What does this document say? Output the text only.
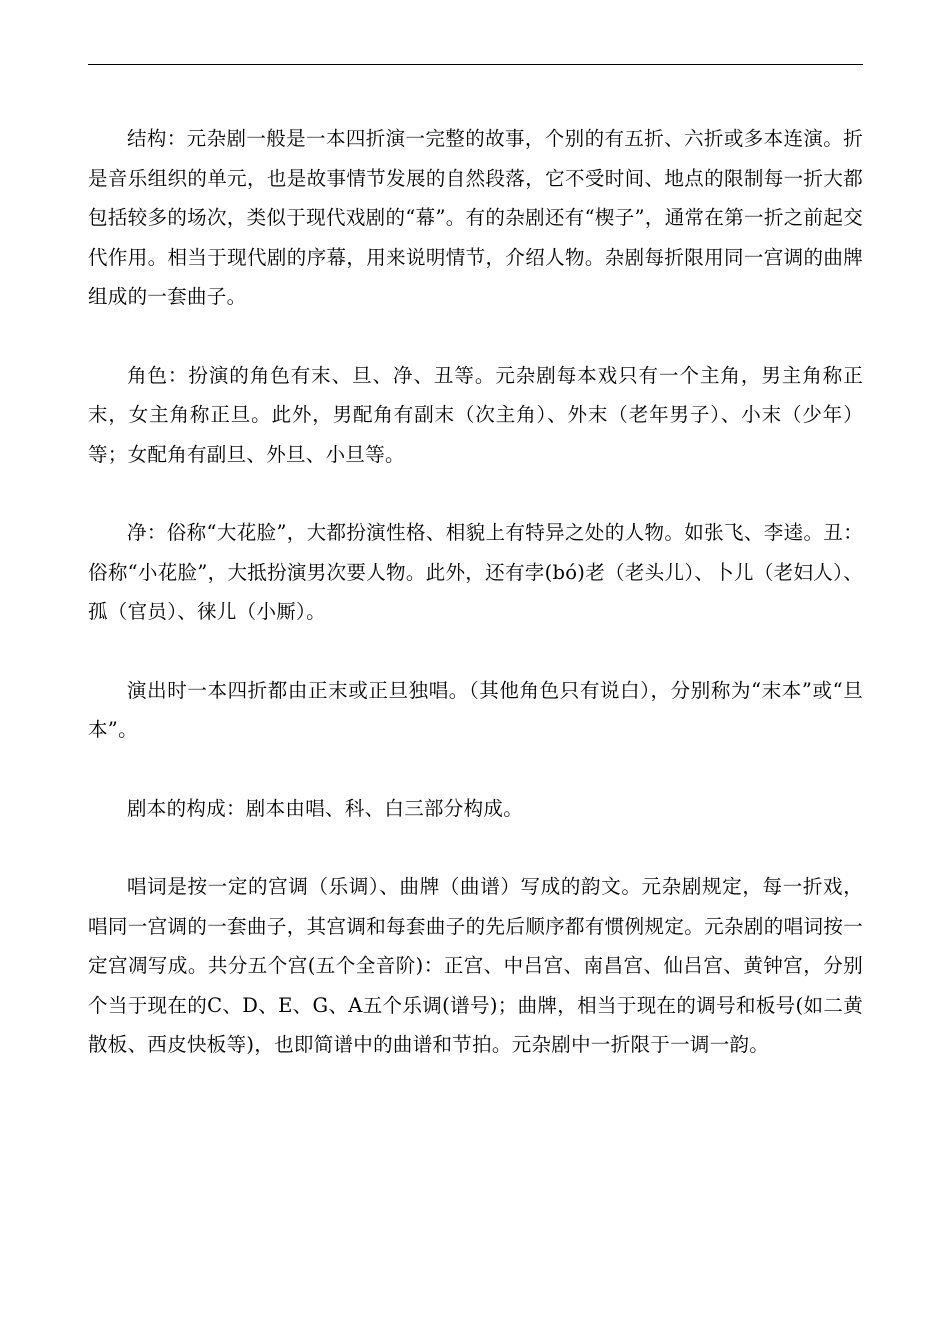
结构：元杂剧一般是一本四折演一完整的故事，个别的有五折、六折或多本连演。折是音乐组织的单元，也是故事情节发展的自然段落，它不受时间、地点的限制每一折大都包括较多的场次，类似于现代戏剧的“幕”。有的杂剧还有“楔子”，通常在第一折之前起交代作用。相当于现代剧的序幕，用来说明情节，介绍人物。杂剧每折限用同一宫调的曲牌组成的一套曲子。

角色：扮演的角色有末、旦、净、丑等。元杂剧每本戏只有一个主角，男主角称正末，女主角称正旦。此外，男配角有副末（次主角）、外末（老年男子）、小末（少年）等；女配角有副旦、外旦、小旦等。

净：俗称“大花脸”，大都扮演性格、相貌上有特异之处的人物。如张飞、李逵。丑：俗称“小花脸”，大抵扮演男次要人物。此外，还有孛(bó)老（老头儿）、卜儿（老妇人）、孤（官员）、徕儿（小厮）。

演出时一本四折都由正末或正旦独唱。（其他角色只有说白），分别称为“末本”或“旦本”。

剧本的构成：剧本由唱、科、白三部分构成。

唱词是按一定的宫调（乐调）、曲牌（曲谱）写成的韵文。元杂剧规定，每一折戏，唱同一宫调的一套曲子，其宫调和每套曲子的先后顺序都有惯例规定。元杂剧的唱词按一定宫凋写成。共分五个宫(五个全音阶)：正宫、中吕宫、南昌宫、仙吕宫、黄钟宫，分别个当于现在的C、D、E、G、A五个乐调(谱号)；曲牌，相当于现在的调号和板号(如二黄散板、西皮快板等)，也即简谱中的曲谱和节拍。元杂剧中一折限于一调一韵。
